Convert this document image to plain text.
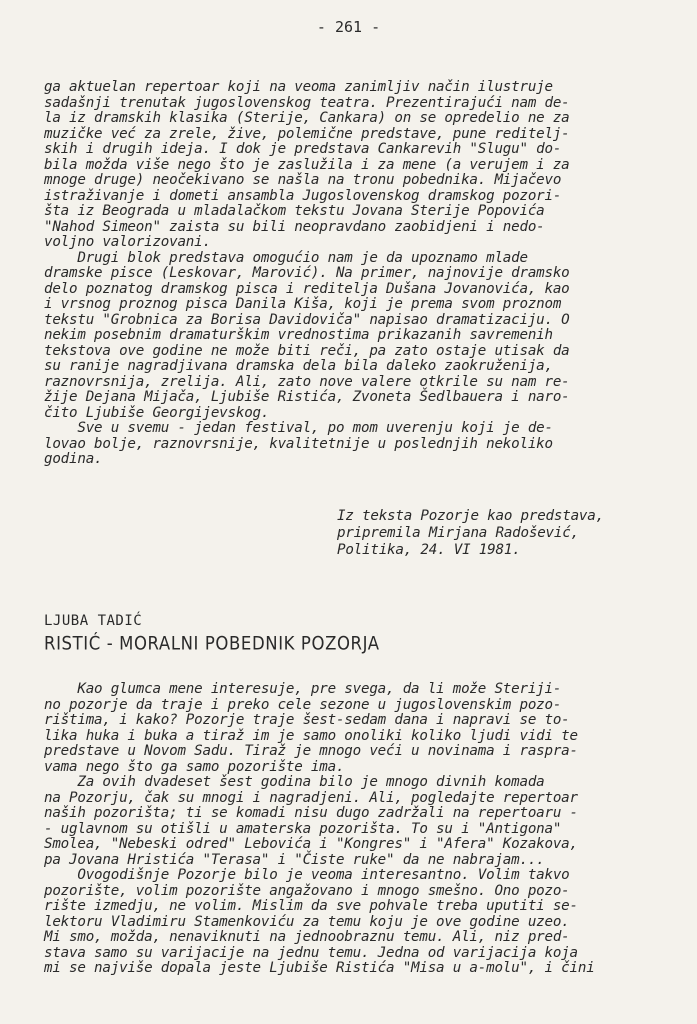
- 261 -
ga aktuelan repertoar koji na veoma zanimljiv način ilustruje
sadašnji trenutak jugoslovenskog teatra. Prezentirajući nam de-
la iz dramskih klasika (Sterije, Cankara) on se opredelio ne za
muzičke već za zrele, žive, polemične predstave, pune reditelj-
skih i drugih ideja. I dok je predstava Cankarevih "Slugu" do-
bila možda više nego što je zaslužila i za mene (a verujem i za
mnoge druge) neočekivano se našla na tronu pobednika. Mijačevo
istraživanje i dometi ansambla Jugoslovenskog dramskog pozori-
šta iz Beograda u mladalačkom tekstu Jovana Sterije Popovića
"Nahod Simeon" zaista su bili neopravdano zaobidjeni i nedo-
voljno valorizovani.
Drugi blok predstava omogućio nam je da upoznamo mlade
dramske pisce (Leskovar, Marović). Na primer, najnovije dramsko
delo poznatog dramskog pisca i reditelja Dušana Jovanovića, kao
i vrsnog proznog pisca Danila Kiša, koji je prema svom proznom
tekstu "Grobnica za Borisa Davidoviča" napisao dramatizaciju. O
nekim posebnim dramaturškim vrednostima prikazanih savremenih
tekstova ove godine ne može biti reči, pa zato ostaje utisak da
su ranije nagradjivana dramska dela bila daleko zaokruženija,
raznovrsnija, zrelija. Ali, zato nove valere otkrile su nam re-
žije Dejana Mijača, Ljubiše Ristića, Zvoneta Šedlbauera i naro-
čito Ljubiše Georgijevskog.
Sve u svemu - jedan festival, po mom uverenju koji je de-
lovao bolje, raznovrsnije, kvalitetnije u poslednjih nekoliko
godina.
Iz teksta Pozorje kao predstava,
pripremila Mirjana Radošević,
Politika, 24. VI 1981.
LJUBA TADIĆ
RISTIĆ - MORALNI POBEDNIK POZORJA
Kao glumca mene interesuje, pre svega, da li može Steriji-
no pozorje da traje i preko cele sezone u jugoslovenskim pozo-
rištima, i kako? Pozorje traje šest-sedam dana i napravi se to-
lika huka i buka a tiraž im je samo onoliki koliko ljudi vidi te
predstave u Novom Sadu. Tiraž je mnogo veći u novinama i raspra-
vama nego što ga samo pozorište ima.
Za ovih dvadeset šest godina bilo je mnogo divnih komada
na Pozorju, čak su mnogi i nagradjeni. Ali, pogledajte repertoar
naših pozorišta; ti se komadi nisu dugo zadržali na repertoaru -
- uglavnom su otišli u amaterska pozorišta. To su i "Antigona"
Smolea, "Nebeski odred" Lebovića i "Kongres" i "Afera" Kozakova,
pa Jovana Hristića "Terasa" i "Čiste ruke" da ne nabrajam...
Ovogodišnje Pozorje bilo je veoma interesantno. Volim takvo
pozorište, volim pozorište angažovano i mnogo smešno. Ono pozo-
rište izmedju, ne volim. Mislim da sve pohvale treba uputiti se-
lektoru Vladimiru Stamenkoviću za temu koju je ove godine uzeo.
Mi smo, možda, nenaviknuti na jednoobraznu temu. Ali, niz pred-
stava samo su varijacije na jednu temu. Jedna od varijacija koja
mi se najviše dopala jeste Ljubiše Ristića "Misa u a-molu", i čini
